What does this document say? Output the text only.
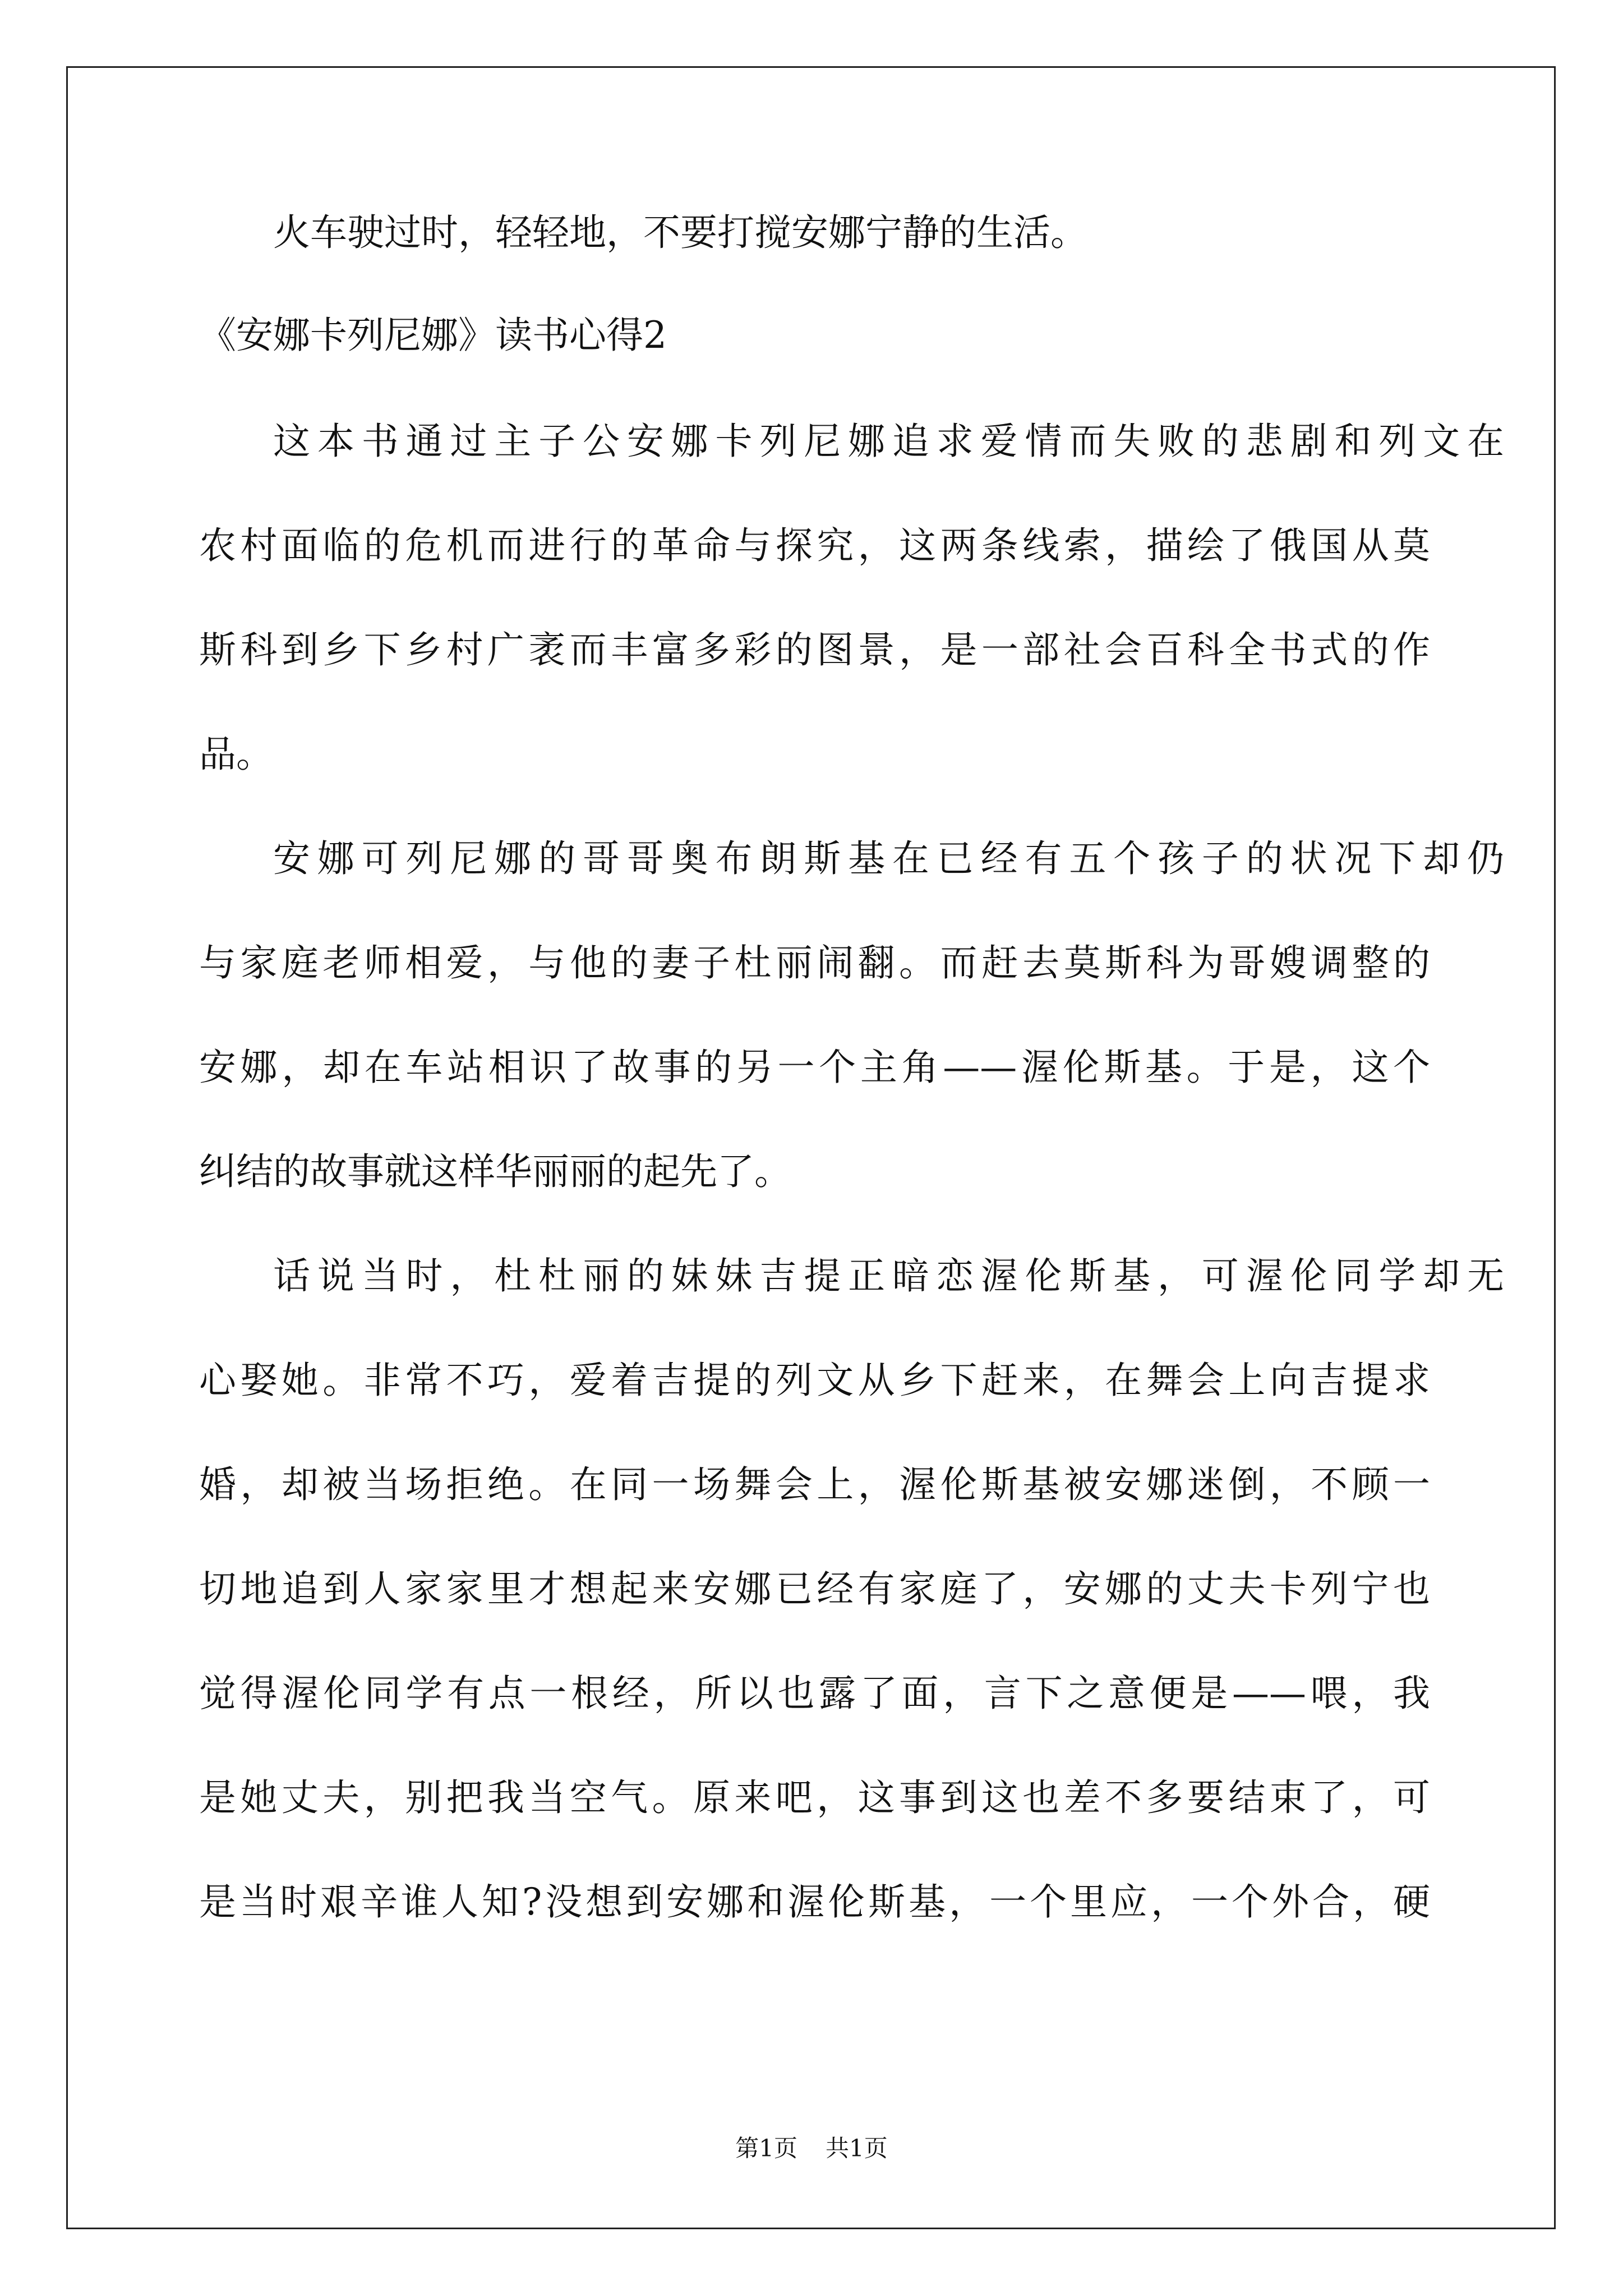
火车驶过时，轻轻地，不要打搅安娜宁静的生活。
《安娜卡列尼娜》读书心得2
这本书通过主子公安娜卡列尼娜追求爱情而失败的悲剧和列文在
农村面临的危机而进行的革命与探究，这两条线索，描绘了俄国从莫
斯科到乡下乡村广袤而丰富多彩的图景，是一部社会百科全书式的作
品。
安娜可列尼娜的哥哥奥布朗斯基在已经有五个孩子的状况下却仍
与家庭老师相爱，与他的妻子杜丽闹翻。而赶去莫斯科为哥嫂调整的
安娜，却在车站相识了故事的另一个主角——渥伦斯基。于是，这个
纠结的故事就这样华丽丽的起先了。
话说当时，杜杜丽的妹妹吉提正暗恋渥伦斯基，可渥伦同学却无
心娶她。非常不巧，爱着吉提的列文从乡下赶来，在舞会上向吉提求
婚，却被当场拒绝。在同一场舞会上，渥伦斯基被安娜迷倒，不顾一
切地追到人家家里才想起来安娜已经有家庭了，安娜的丈夫卡列宁也
觉得渥伦同学有点一根经，所以也露了面，言下之意便是——喂，我
是她丈夫，别把我当空气。原来吧，这事到这也差不多要结束了，可
是当时艰辛谁人知?没想到安娜和渥伦斯基，一个里应，一个外合，硬
第1页 共1页
